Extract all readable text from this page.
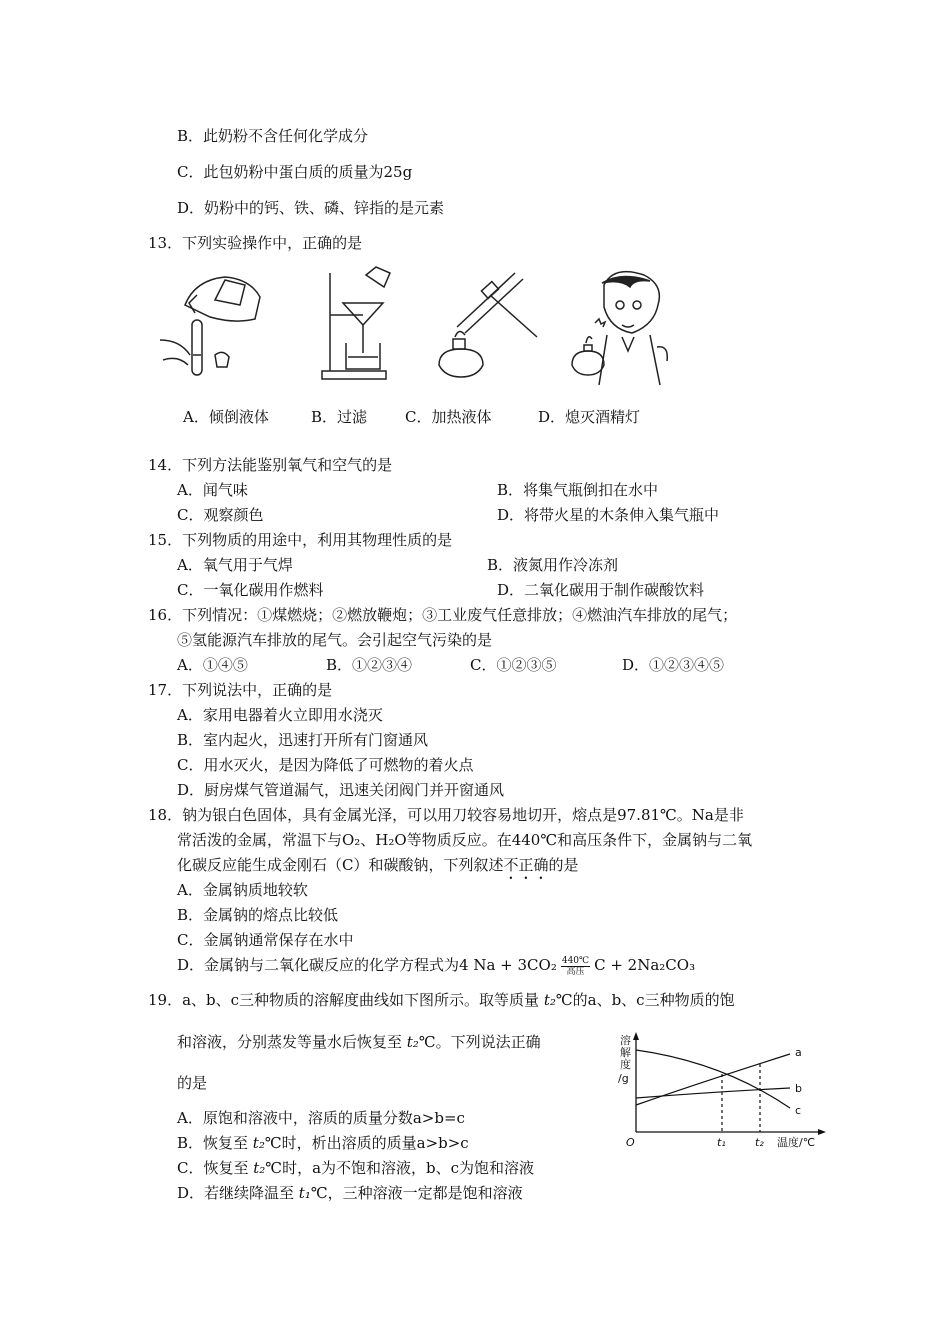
B．此奶粉不含任何化学成分
C．此包奶粉中蛋白质的质量为25g
D．奶粉中的钙、铁、磷、锌指的是元素
13．下列实验操作中，正确的是
A．倾倒液体	B．过滤	C．加热液体	D．熄灭酒精灯
14．下列方法能鉴别氧气和空气的是
A．闻气味	B．将集气瓶倒扣在水中
C．观察颜色	D．将带火星的木条伸入集气瓶中
15．下列物质的用途中，利用其物理性质的是
A．氧气用于气焊	B．液氮用作冷冻剂
C．一氧化碳用作燃料	D．二氧化碳用于制作碳酸饮料
16．下列情况：①煤燃烧；②燃放鞭炮；③工业废气任意排放；④燃油汽车排放的尾气；
⑤氢能源汽车排放的尾气。会引起空气污染的是
A．①④⑤	B．①②③④	C．①②③⑤	D．①②③④⑤
17．下列说法中，正确的是
A．家用电器着火立即用水浇灭
B．室内起火，迅速打开所有门窗通风
C．用水灭火，是因为降低了可燃物的着火点
D．厨房煤气管道漏气，迅速关闭阀门并开窗通风
18．钠为银白色固体，具有金属光泽，可以用刀较容易地切开，熔点是97.81℃。Na是非
常活泼的金属，常温下与O₂、H₂O等物质反应。在440℃和高压条件下，金属钠与二氧
化碳反应能生成金刚石（C）和碳酸钠，下列叙述不正确的是
A．金属钠质地较软
B．金属钠的熔点比较低
C．金属钠通常保存在水中
D．金属钠与二氧化碳反应的化学方程式为4 $Na + 3CO_2 \frac{440℃}{\text{高压}}$ C + 2Na₂CO₃
19．a、b、c三种物质的溶解度曲线如下图所示。取等质量 t₂℃的a、b、c三种物质的饱
和溶液，分别蒸发等量水后恢复至 t₂℃。下列说法正确
的是
A．原饱和溶液中，溶质的质量分数a>b=c
B．恢复至 t₂℃时，析出溶质的质量a>b>c
C．恢复至 t₂℃时，a为不饱和溶液，b、c为饱和溶液
D．若继续降温至 t₁℃，三种溶液一定都是饱和溶液
溶
解
度
/g
a
b
c
O	t₁	t₂ 温度/℃
